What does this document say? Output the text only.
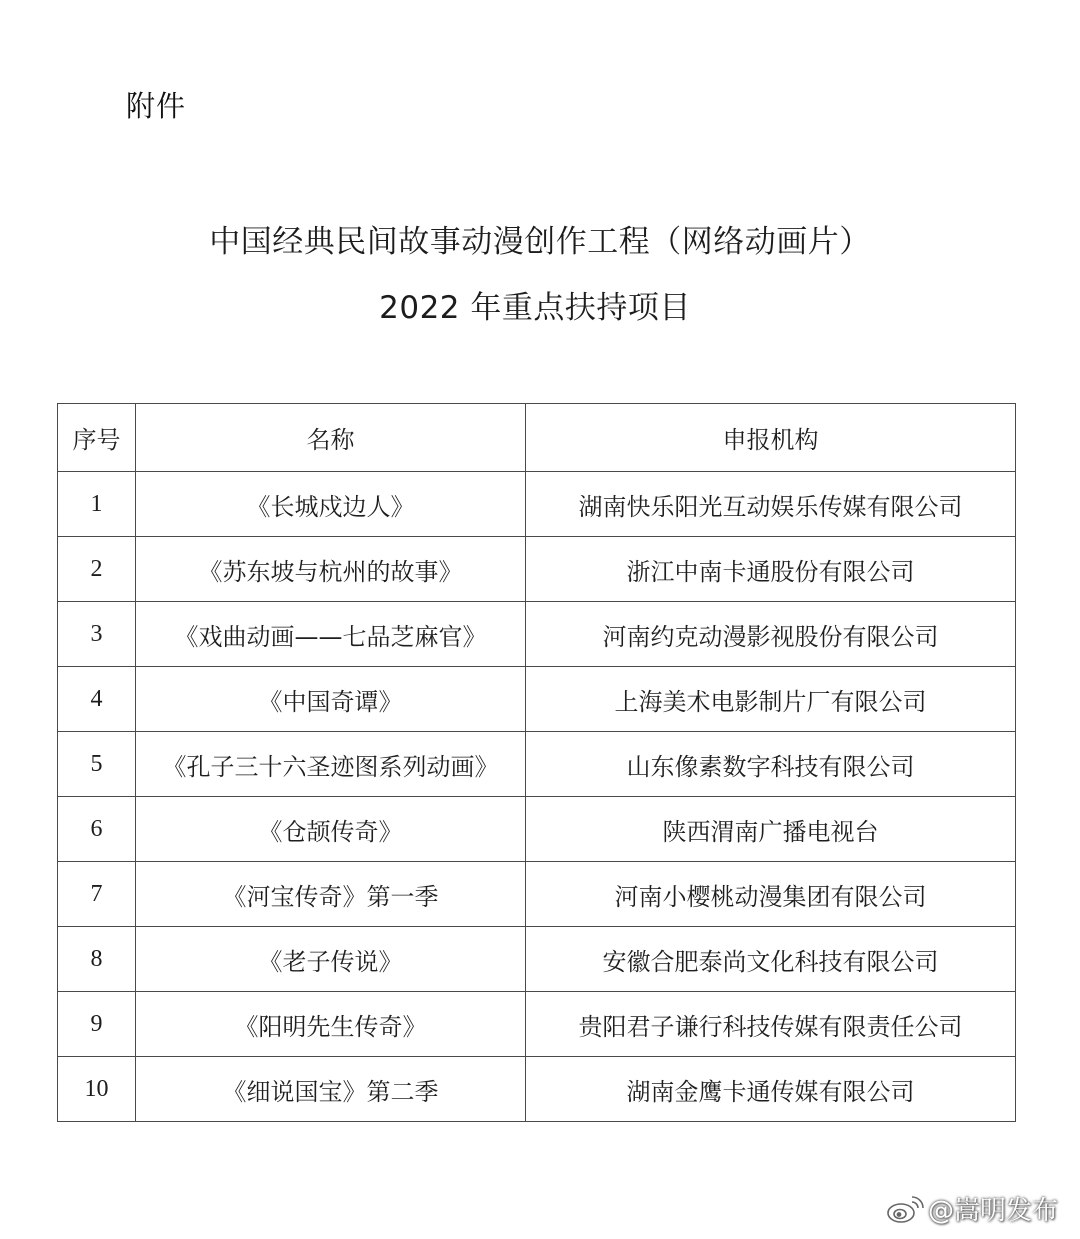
附件
中国经典民间故事动漫创作工程（网络动画片）
2022 年重点扶持项目
序号	名称	申报机构
1	《长城戍边人》	湖南快乐阳光互动娱乐传媒有限公司
2	《苏东坡与杭州的故事》	浙江中南卡通股份有限公司
3	《戏曲动画——七品芝麻官》	河南约克动漫影视股份有限公司
4	《中国奇谭》	上海美术电影制片厂有限公司
5	《孔子三十六圣迹图系列动画》	山东像素数字科技有限公司
6	《仓颉传奇》	陕西渭南广播电视台
7	《河宝传奇》第一季	河南小樱桃动漫集团有限公司
8	《老子传说》	安徽合肥泰尚文化科技有限公司
9	《阳明先生传奇》	贵阳君子谦行科技传媒有限责任公司
10	《细说国宝》第二季	湖南金鹰卡通传媒有限公司
@嵩明发布
